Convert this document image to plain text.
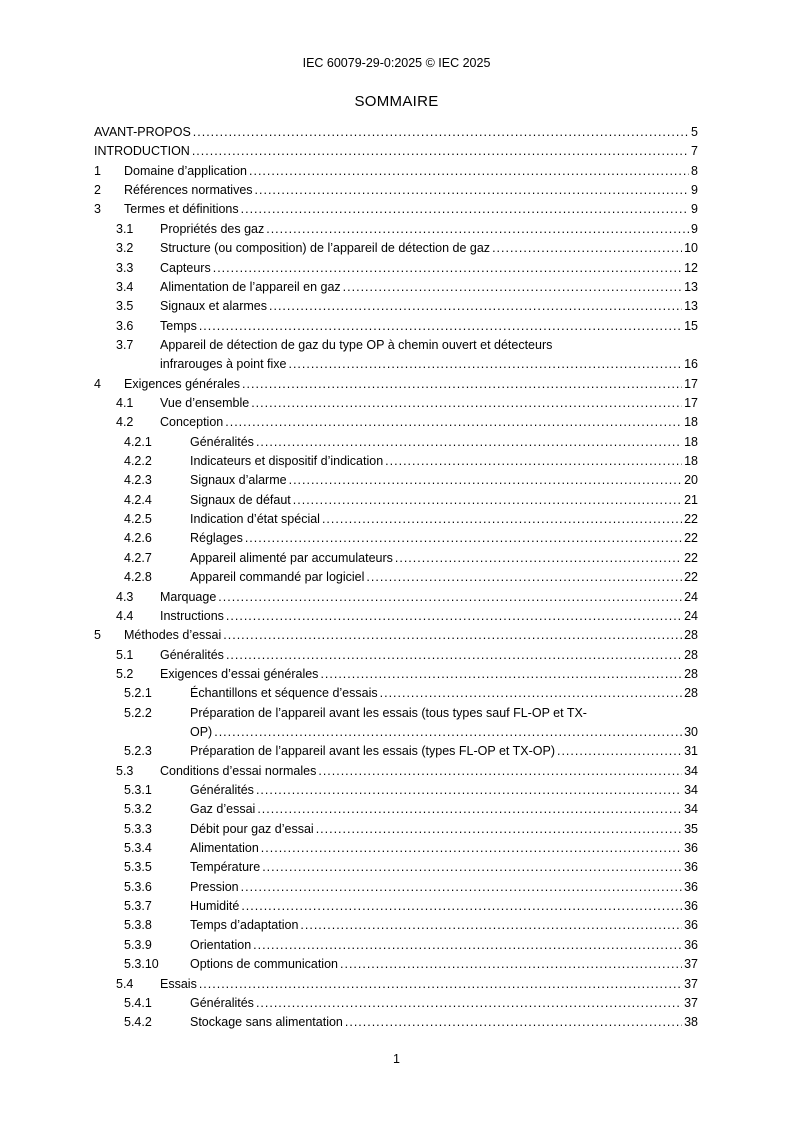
IEC 60079-29-0:2025 © IEC 2025
SOMMAIRE
AVANT-PROPOS .....	5
INTRODUCTION .....	7
1 Domaine d’application .....	8
2 Références normatives .....	9
3 Termes et définitions .....	9
3.1 Propriétés des gaz .....	9
3.2 Structure (ou composition) de l’appareil de détection de gaz .....	10
3.3 Capteurs .....	12
3.4 Alimentation de l’appareil en gaz .....	13
3.5 Signaux et alarmes .....	13
3.6 Temps .....	15
3.7 Appareil de détection de gaz du type OP à chemin ouvert et détecteurs
infrarouges à point fixe .....	16
4 Exigences générales .....	17
4.1 Vue d’ensemble .....	17
4.2 Conception .....	18
4.2.1	Généralités .....	18
4.2.2	Indicateurs et dispositif d’indication .....	18
4.2.3	Signaux d’alarme .....	20
4.2.4	Signaux de défaut .....	21
4.2.5	Indication d’état spécial .....	22
4.2.6	Réglages .....	22
4.2.7	Appareil alimenté par accumulateurs .....	22
4.2.8	Appareil commandé par logiciel .....	22
4.3 Marquage .....	24
4.4 Instructions .....	24
5 Méthodes d’essai .....	28
5.1 Généralités .....	28
5.2 Exigences d’essai générales .....	28
5.2.1	Échantillons et séquence d’essais .....	28
5.2.2	Préparation de l’appareil avant les essais (tous types sauf FL-OP et TX-
OP) .....	30
5.2.3	Préparation de l’appareil avant les essais (types FL-OP et TX-OP) .....	31
5.3 Conditions d’essai normales .....	34
5.3.1	Généralités .....	34
5.3.2	Gaz d’essai .....	34
5.3.3	Débit pour gaz d’essai .....	35
5.3.4	Alimentation .....	36
5.3.5	Température .....	36
5.3.6	Pression .....	36
5.3.7	Humidité .....	36
5.3.8	Temps d’adaptation .....	36
5.3.9	Orientation .....	36
5.3.10 Options de communication .....	37
5.4 Essais .....	37
5.4.1	Généralités .....	37
5.4.2	Stockage sans alimentation .....	38
1
